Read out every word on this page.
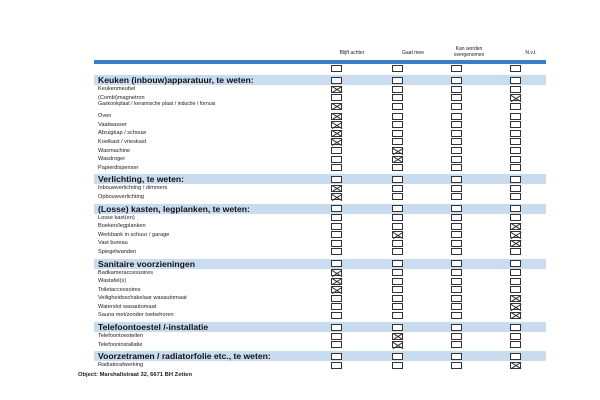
Blijft achter	Gaat mee
Kan worden overgenomen	N.v.t.
Keuken (inbouw)apparatuur, te weten:
Keukenmeubel
(Combi)magnetron
Gaskookplaat / keramische plaat / inductie / fornuis
Oven
Vaatwasser
Afzuigkap / schouw
Koelkast / vrieskast
Wasmachine
Wasdroger
Papierdispenser
Verlichting, te weten:
Inbouwverlichting / dimmers
Opbouwverlichting
(Losse) kasten, legplanken, te weten:
Losse kast(en)
Boeken/legplanken
Werkbank in schuur / garage
Vast bureau
Spiegelwanden
Sanitaire voorzieningen
Badkameraccessoires
Wastafel(s)
Toiletaccessoires
Veiligheidsschakelaar wasautomaat
Waterslot wasautomaat
Sauna met/zonder toebehoren
Telefoontoestel /-installatie
Telefoontoestellen
Telefooninstallatie
Voorzetramen / radiatorfolie etc., te weten:
Radiatorafwerking
Object: Marshallstraat 32, 6671 BH Zetten
